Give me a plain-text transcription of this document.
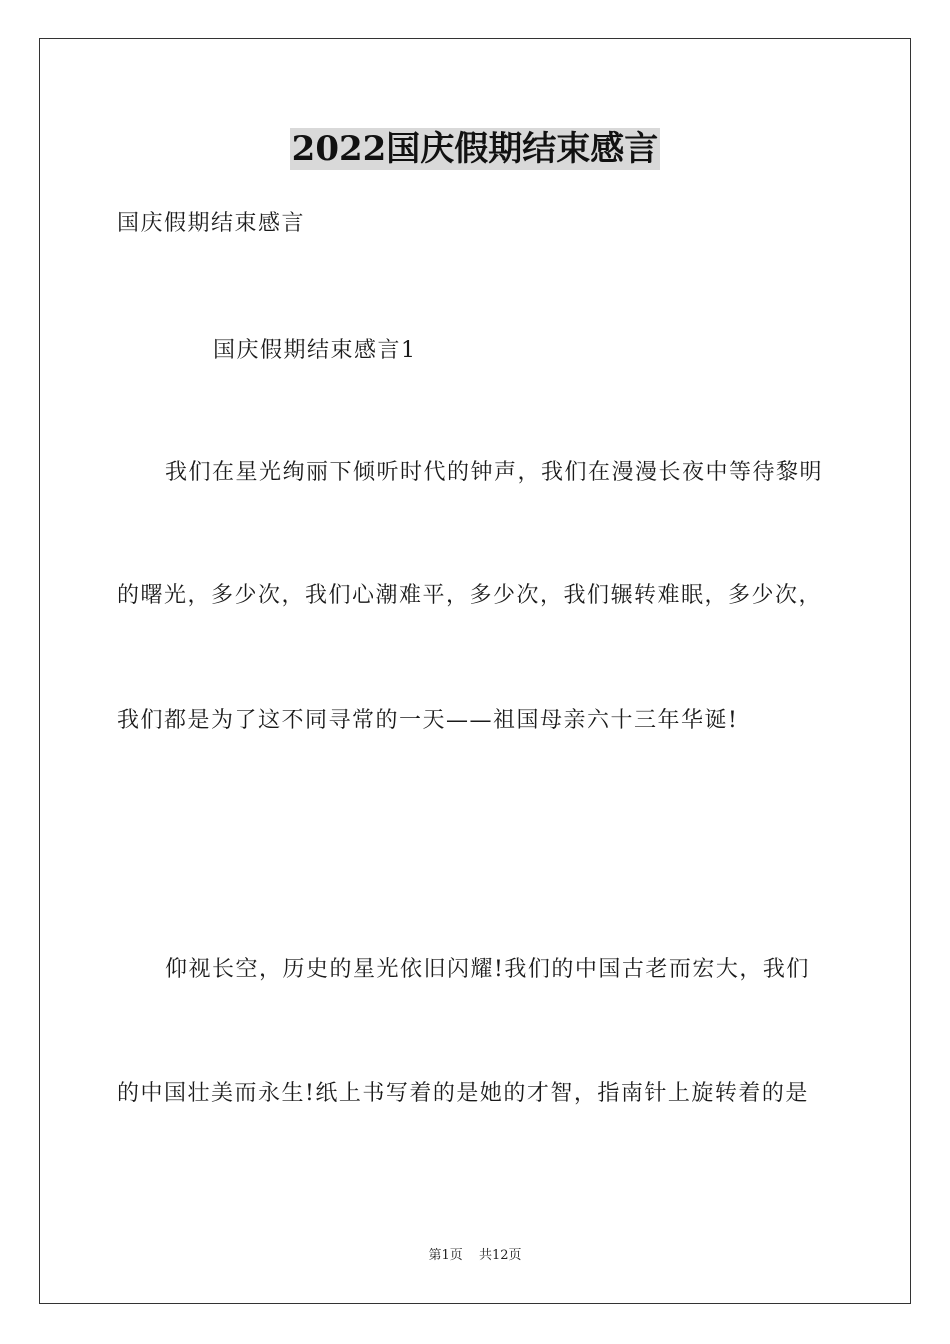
2022国庆假期结束感言
国庆假期结束感言
国庆假期结束感言1
我们在星光绚丽下倾听时代的钟声，我们在漫漫长夜中等待黎明
的曙光，多少次，我们心潮难平，多少次，我们辗转难眠，多少次，
我们都是为了这不同寻常的一天——祖国母亲六十三年华诞!
仰视长空，历史的星光依旧闪耀!我们的中国古老而宏大，我们
的中国壮美而永生!纸上书写着的是她的才智，指南针上旋转着的是
第1页 共12页
